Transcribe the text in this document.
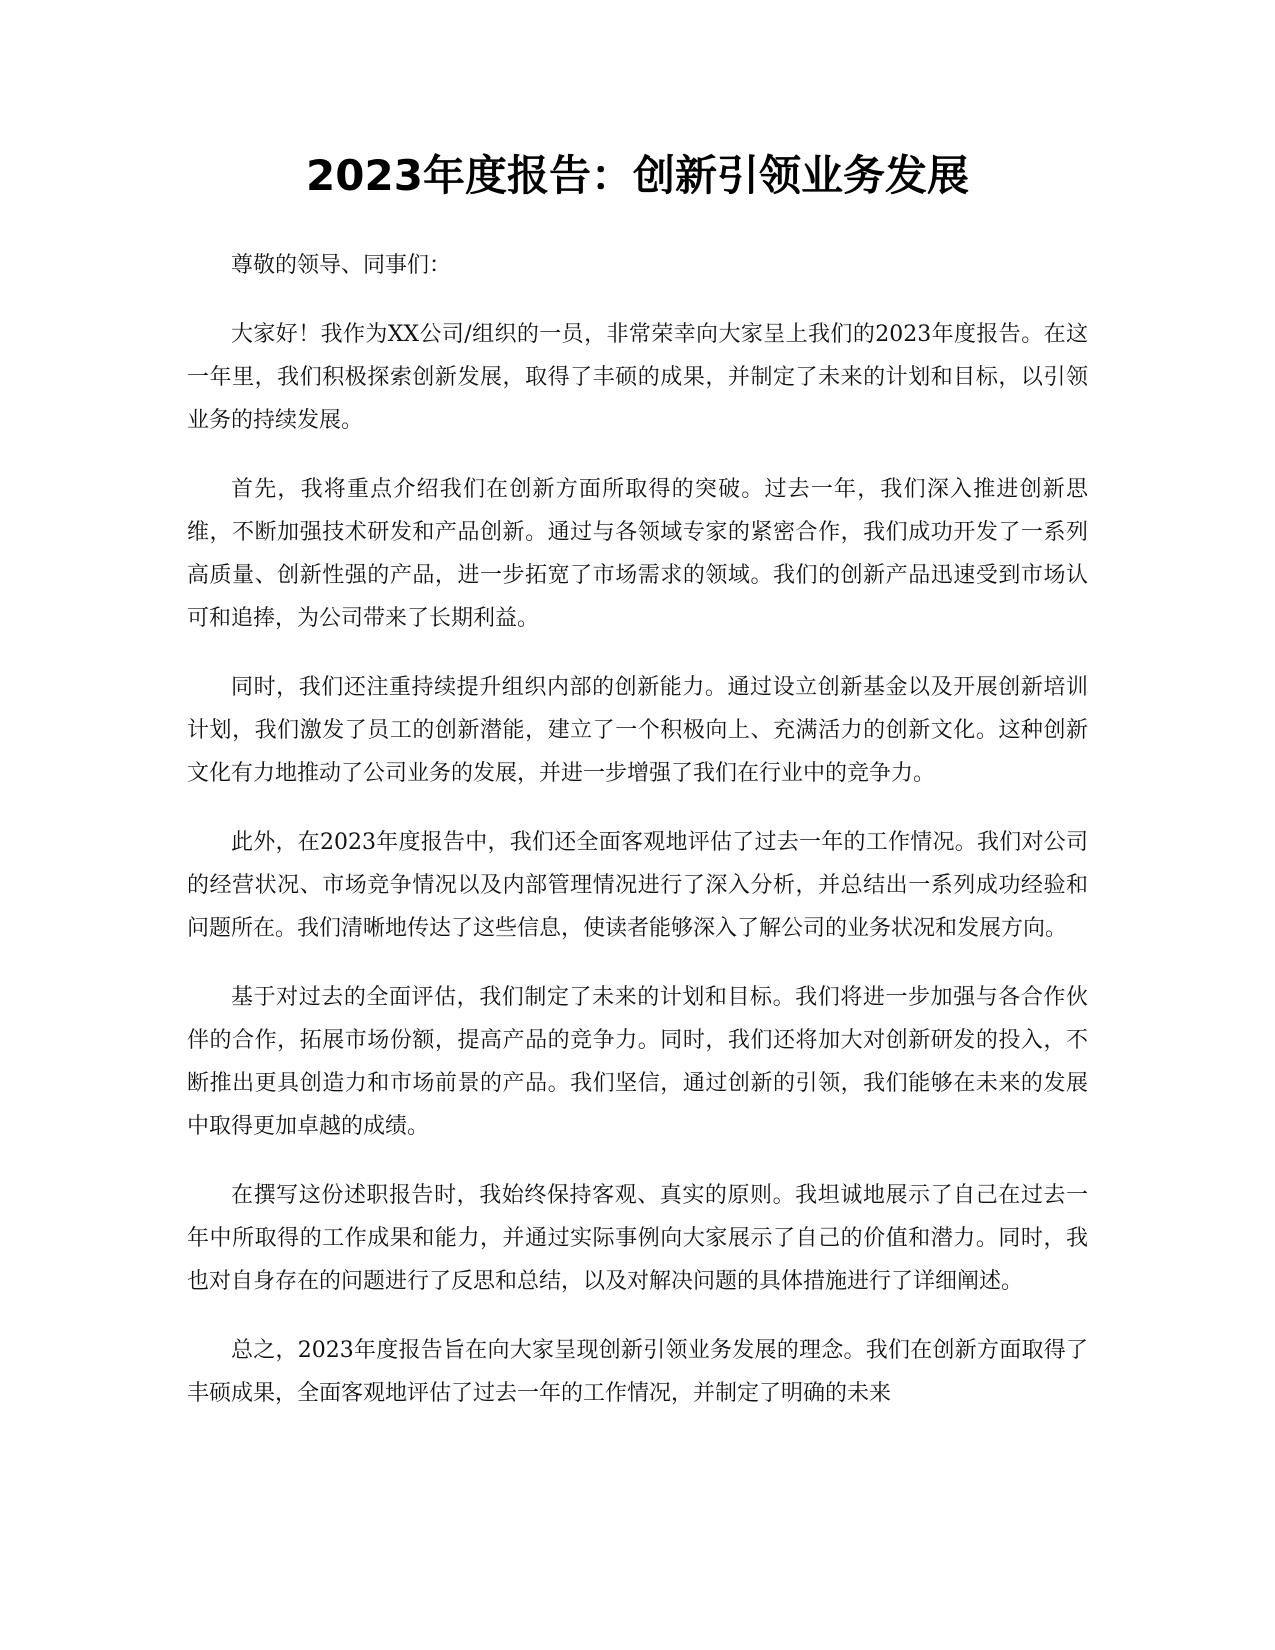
2023年度报告：创新引领业务发展

尊敬的领导、同事们：

大家好！我作为XX公司/组织的一员，非常荣幸向大家呈上我们的2023年度报告。在这一年里，我们积极探索创新发展，取得了丰硕的成果，并制定了未来的计划和目标，以引领业务的持续发展。

首先，我将重点介绍我们在创新方面所取得的突破。过去一年，我们深入推进创新思维，不断加强技术研发和产品创新。通过与各领域专家的紧密合作，我们成功开发了一系列高质量、创新性强的产品，进一步拓宽了市场需求的领域。我们的创新产品迅速受到市场认可和追捧，为公司带来了长期利益。

同时，我们还注重持续提升组织内部的创新能力。通过设立创新基金以及开展创新培训计划，我们激发了员工的创新潜能，建立了一个积极向上、充满活力的创新文化。这种创新文化有力地推动了公司业务的发展，并进一步增强了我们在行业中的竞争力。

此外，在2023年度报告中，我们还全面客观地评估了过去一年的工作情况。我们对公司的经营状况、市场竞争情况以及内部管理情况进行了深入分析，并总结出一系列成功经验和问题所在。我们清晰地传达了这些信息，使读者能够深入了解公司的业务状况和发展方向。

基于对过去的全面评估，我们制定了未来的计划和目标。我们将进一步加强与各合作伙伴的合作，拓展市场份额，提高产品的竞争力。同时，我们还将加大对创新研发的投入，不断推出更具创造力和市场前景的产品。我们坚信，通过创新的引领，我们能够在未来的发展中取得更加卓越的成绩。

在撰写这份述职报告时，我始终保持客观、真实的原则。我坦诚地展示了自己在过去一年中所取得的工作成果和能力，并通过实际事例向大家展示了自己的价值和潜力。同时，我也对自身存在的问题进行了反思和总结，以及对解决问题的具体措施进行了详细阐述。

总之，2023年度报告旨在向大家呈现创新引领业务发展的理念。我们在创新方面取得了丰硕成果，全面客观地评估了过去一年的工作情况，并制定了明确的未来
